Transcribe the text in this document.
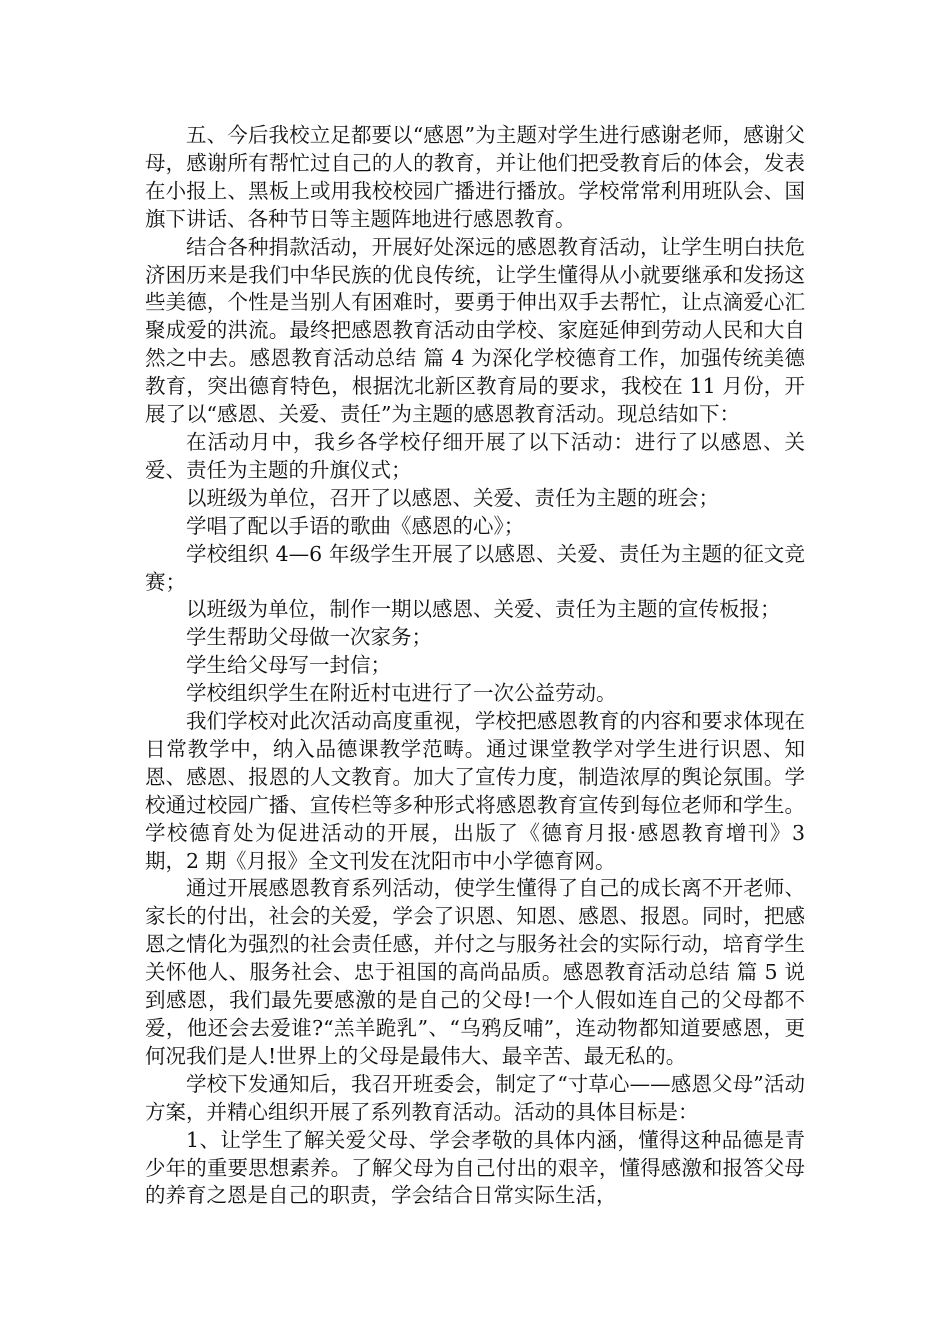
五、今后我校立足都要以“感恩”为主题对学生进行感谢老师，感谢父母，感谢所有帮忙过自己的人的教育，并让他们把受教育后的体会，发表在小报上、黑板上或用我校校园广播进行播放。学校常常利用班队会、国旗下讲话、各种节日等主题阵地进行感恩教育。

结合各种捐款活动，开展好处深远的感恩教育活动，让学生明白扶危济困历来是我们中华民族的优良传统，让学生懂得从小就要继承和发扬这些美德，个性是当别人有困难时，要勇于伸出双手去帮忙，让点滴爱心汇聚成爱的洪流。最终把感恩教育活动由学校、家庭延伸到劳动人民和大自然之中去。感恩教育活动总结 篇 4 为深化学校德育工作，加强传统美德教育，突出德育特色，根据沈北新区教育局的要求，我校在 11 月份，开展了以“感恩、关爱、责任”为主题的感恩教育活动。现总结如下：

在活动月中，我乡各学校仔细开展了以下活动：进行了以感恩、关爱、责任为主题的升旗仪式；

以班级为单位，召开了以感恩、关爱、责任为主题的班会；

学唱了配以手语的歌曲《感恩的心》；

学校组织 4—6 年级学生开展了以感恩、关爱、责任为主题的征文竞赛；

以班级为单位，制作一期以感恩、关爱、责任为主题的宣传板报；

学生帮助父母做一次家务；

学生给父母写一封信；

学校组织学生在附近村屯进行了一次公益劳动。

我们学校对此次活动高度重视，学校把感恩教育的内容和要求体现在日常教学中，纳入品德课教学范畴。通过课堂教学对学生进行识恩、知恩、感恩、报恩的人文教育。加大了宣传力度，制造浓厚的舆论氛围。学校通过校园广播、宣传栏等多种形式将感恩教育宣传到每位老师和学生。学校德育处为促进活动的开展，出版了《德育月报·感恩教育增刊》3 期，2 期《月报》全文刊发在沈阳市中小学德育网。

通过开展感恩教育系列活动，使学生懂得了自己的成长离不开老师、家长的付出，社会的关爱，学会了识恩、知恩、感恩、报恩。同时，把感恩之情化为强烈的社会责任感，并付之与服务社会的实际行动，培育学生关怀他人、服务社会、忠于祖国的高尚品质。感恩教育活动总结 篇 5 说到感恩，我们最先要感激的是自己的父母!一个人假如连自己的父母都不爱，他还会去爱谁?“羔羊跪乳”、“乌鸦反哺”，连动物都知道要感恩，更何况我们是人!世界上的父母是最伟大、最辛苦、最无私的。

学校下发通知后，我召开班委会，制定了“寸草心——感恩父母”活动方案，并精心组织开展了系列教育活动。活动的具体目标是：

1、让学生了解关爱父母、学会孝敬的具体内涵，懂得这种品德是青少年的重要思想素养。了解父母为自己付出的艰辛，懂得感激和报答父母的养育之恩是自己的职责，学会结合日常实际生活，
